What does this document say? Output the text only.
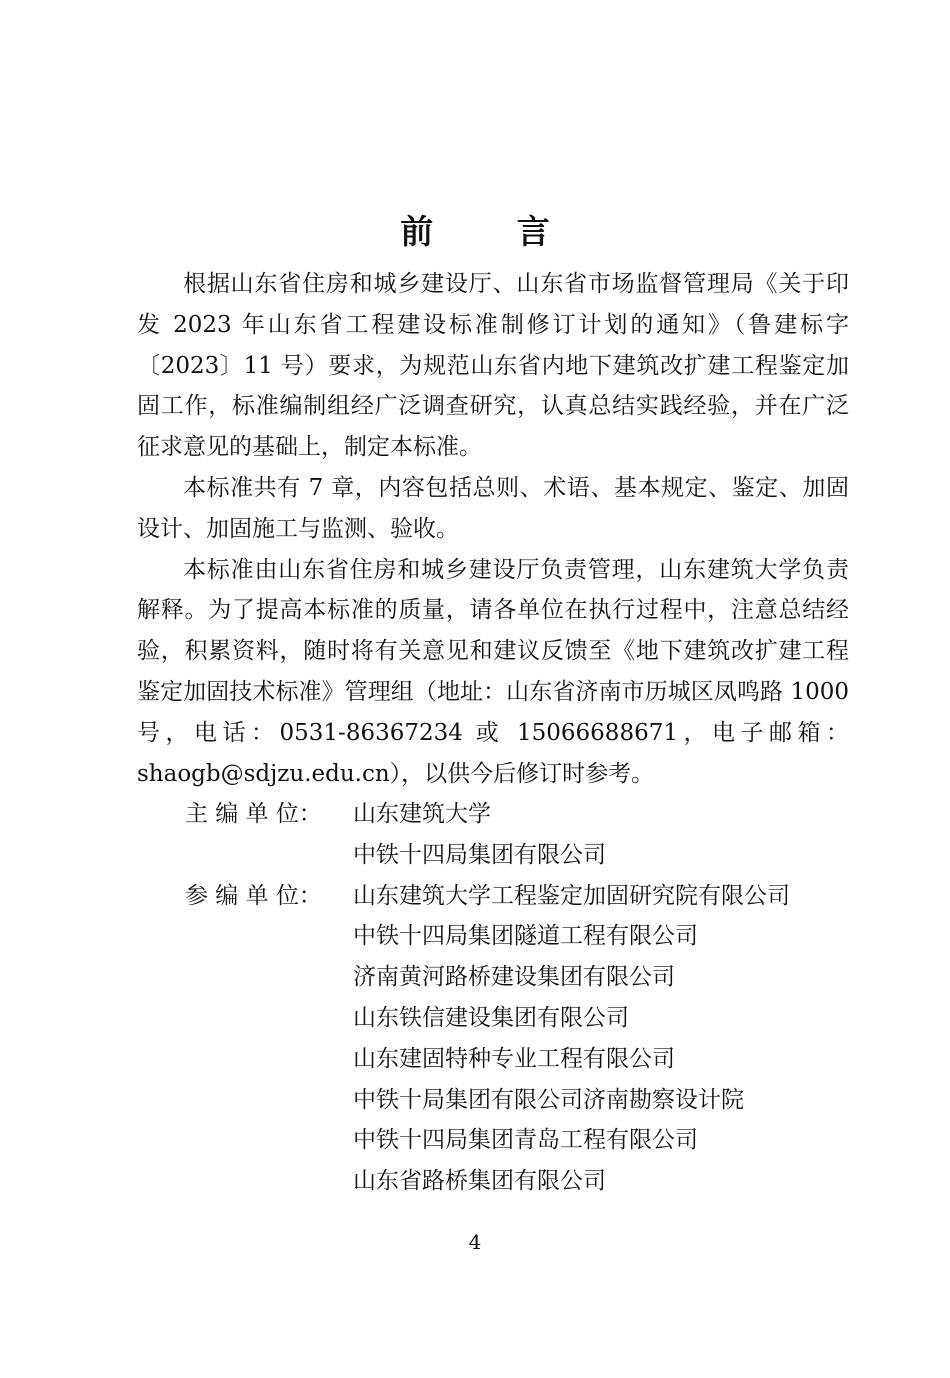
前 言

根据山东省住房和城乡建设厅、山东省市场监督管理局《关于印发 2023 年山东省工程建设标准制修订计划的通知》（鲁建标字〔2023〕11 号）要求，为规范山东省内地下建筑改扩建工程鉴定加固工作，标准编制组经广泛调查研究，认真总结实践经验，并在广泛征求意见的基础上，制定本标准。

本标准共有 7 章，内容包括总则、术语、基本规定、鉴定、加固设计、加固施工与监测、验收。

本标准由山东省住房和城乡建设厅负责管理，山东建筑大学负责解释。为了提高本标准的质量，请各单位在执行过程中，注意总结经验，积累资料，随时将有关意见和建议反馈至《地下建筑改扩建工程鉴定加固技术标准》管理组（地址：山东省济南市历城区凤鸣路 1000 号，电话：0531-86367234 或 15066688671，电子邮箱：shaogb@sdjzu.edu.cn），以供今后修订时参考。

主 编 单 位：	山东建筑大学
中铁十四局集团有限公司
参 编 单 位：	山东建筑大学工程鉴定加固研究院有限公司
中铁十四局集团隧道工程有限公司
济南黄河路桥建设集团有限公司
山东铁信建设集团有限公司
山东建固特种专业工程有限公司
中铁十局集团有限公司济南勘察设计院
中铁十四局集团青岛工程有限公司
山东省路桥集团有限公司
4
